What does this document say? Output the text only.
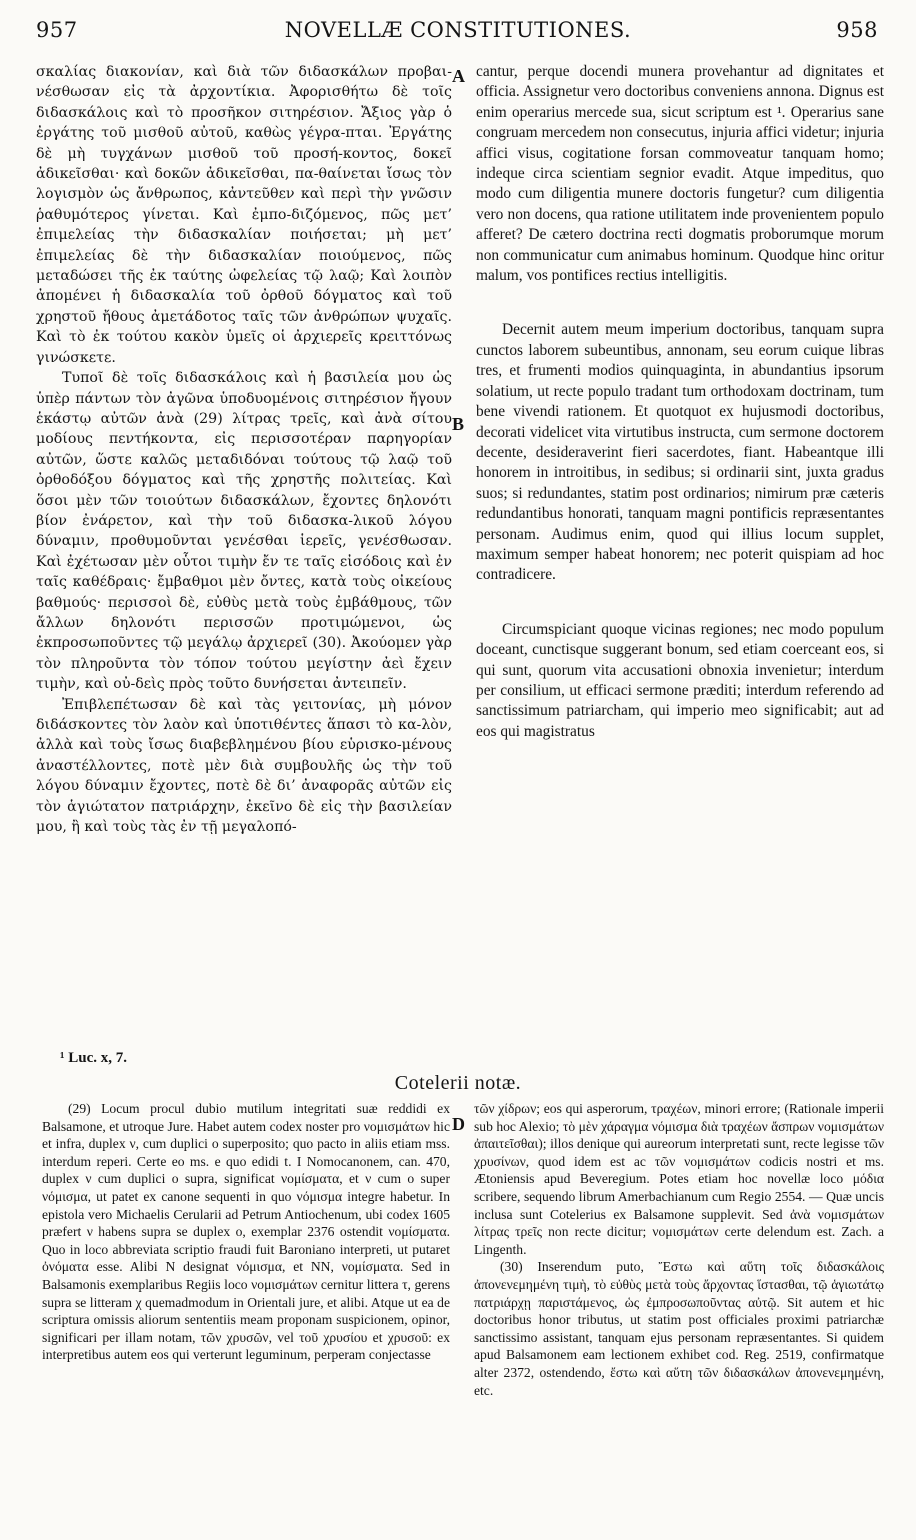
957	NOVELLÆ CONSTITUTIONES.	958

σκαλίας διακονίαν, καὶ διὰ τῶν διδασκάλων προβαι-νέσθωσαν εἰς τὰ ἀρχοντίκια. Ἀφορισθήτω δὲ τοῖς διδασκάλοις καὶ τὸ προσῆκον σιτηρέσιον. Ἄξιος γὰρ ὁ ἐργάτης τοῦ μισθοῦ αὐτοῦ, καθὼς γέγρα-πται. Ἐργάτης δὲ μὴ τυγχάνων μισθοῦ τοῦ προσή-κοντος, δοκεῖ ἀδικεῖσθαι· καὶ δοκῶν ἀδικεῖσθαι, πα-θαίνεται ἴσως τὸν λογισμὸν ὡς ἄνθρωπος, κἀντεῦθεν καὶ περὶ τὴν γνῶσιν ῥαθυμότερος γίνεται. Καὶ ἐμπο-διζόμενος, πῶς μετ’ ἐπιμελείας τὴν διδασκαλίαν ποιήσεται; μὴ μετ’ ἐπιμελείας δὲ τὴν διδασκαλίαν ποιούμενος, πῶς μεταδώσει τῆς ἐκ ταύτης ὠφελείας τῷ λαῷ; Καὶ λοιπὸν ἀπομένει ἡ διδασκαλία τοῦ ὀρθοῦ δόγματος καὶ τοῦ χρηστοῦ ἤθους ἀμετάδοτος ταῖς τῶν ἀνθρώπων ψυχαῖς. Καὶ τὸ ἐκ τούτου κακὸν ὑμεῖς οἱ ἀρχιερεῖς κρειττόνως γινώσκετε.

Τυποῖ δὲ τοῖς διδασκάλοις καὶ ἡ βασιλεία μου ὡς ὑπὲρ πάντων τὸν ἀγῶνα ὑποδυομένοις σιτηρέσιον ἤγουν ἑκάστῳ αὐτῶν ἀνὰ (29) λίτρας τρεῖς, καὶ ἀνὰ σίτου μοδίους πεντήκοντα, εἰς περισσοτέραν παρηγορίαν αὐτῶν, ὥστε καλῶς μεταδιδόναι τούτους τῷ λαῷ τοῦ ὀρθοδόξου δόγματος καὶ τῆς χρηστῆς πολιτείας. Καὶ ὅσοι μὲν τῶν τοιούτων διδασκάλων, ἔχοντες δηλονότι βίον ἐνάρετον, καὶ τὴν τοῦ διδασκα-λικοῦ λόγου δύναμιν, προθυμοῦνται γενέσθαι ἱερεῖς, γενέσθωσαν. Καὶ ἐχέτωσαν μὲν οὗτοι τιμὴν ἔν τε ταῖς εἰσόδοις καὶ ἐν ταῖς καθέδραις· ἔμβαθμοι μὲν ὄντες, κατὰ τοὺς οἰκείους βαθμούς· περισσοὶ δὲ, εὐθὺς μετὰ τοὺς ἐμβάθμους, τῶν ἄλλων δηλονότι περισσῶν προτιμώμενοι, ὡς ἐκπροσωποῦντες τῷ μεγάλῳ ἀρχιερεῖ (30). Ἀκούομεν γὰρ τὸν πληροῦντα τὸν τόπον τούτου μεγίστην ἀεὶ ἔχειν τιμὴν, καὶ οὐ-δεὶς πρὸς τοῦτο δυνήσεται ἀντειπεῖν.

Ἐπιβλεπέτωσαν δὲ καὶ τὰς γειτονίας, μὴ μόνον διδάσκοντες τὸν λαὸν καὶ ὑποτιθέντες ἅπασι τὸ κα-λὸν, ἀλλὰ καὶ τοὺς ἴσως διαβεβλημένου βίου εὑρισκο-μένους ἀναστέλλοντες, ποτὲ μὲν διὰ συμβουλῆς ὡς τὴν τοῦ λόγου δύναμιν ἔχοντες, ποτὲ δὲ δι’ ἀναφορᾶς αὐτῶν εἰς τὸν ἁγιώτατον πατριάρχην, ἐκεῖνο δὲ εἰς τὴν βασιλείαν μου, ἢ καὶ τοὺς τὰς ἐν τῇ μεγαλοπό-

A
B
D

cantur, perque docendi munera provehantur ad dignitates et officia. Assignetur vero doctoribus conveniens annona. Dignus est enim operarius mercede sua, sicut scriptum est ¹. Operarius sane congruam mercedem non consecutus, injuria affici videtur; injuria affici visus, cogitatione forsan commoveatur tanquam homo; indeque circa scientiam segnior evadit. Atque impeditus, quo modo cum diligentia munere doctoris fungetur? cum diligentia vero non docens, qua ratione utilitatem inde provenientem populo afferet? De cætero doctrina recti dogmatis proborumque morum non communicatur cum animabus hominum. Quodque hinc oritur malum, vos pontifices rectius intelligitis.

Decernit autem meum imperium doctoribus, tanquam supra cunctos laborem subeuntibus, annonam, seu eorum cuique libras tres, et frumenti modios quinquaginta, in abundantius ipsorum solatium, ut recte populo tradant tum orthodoxam doctrinam, tum bene vivendi rationem. Et quotquot ex hujusmodi doctoribus, decorati videlicet vita virtutibus instructa, cum sermone doctorem decente, desideraverint fieri sacerdotes, fiant. Habeantque illi honorem in introitibus, in sedibus; si ordinarii sint, juxta gradus suos; si redundantes, statim post ordinarios; nimirum præ cæteris redundantibus honorati, tanquam magni pontificis repræsentantes personam. Audimus enim, quod qui illius locum supplet, maximum semper habeat honorem; nec poterit quispiam ad hoc contradicere.

Circumspiciant quoque vicinas regiones; nec modo populum doceant, cunctisque suggerant bonum, sed etiam coerceant eos, si qui sunt, quorum vita accusationi obnoxia invenietur; interdum per consilium, ut efficaci sermone præditi; interdum referendo ad sanctissimum patriarcham, qui imperio meo significabit; aut ad eos qui magistratus

¹ Luc. x, 7.
Cotelerii notæ.

(29) Locum procul dubio mutilum integritati suæ reddidi ex Balsamone, et utroque Jure. Habet autem codex noster pro νομισμάτων hic et infra, duplex ν, cum duplici ο superposito; quo pacto in aliis etiam mss. interdum reperi. Certe eo ms. e quo edidi t. I Nomocanonem, can. 470, duplex ν cum duplici ο supra, significat νομίσματα, et ν cum ο super νόμισμα, ut patet ex canone sequenti in quo νόμισμα integre habetur. In epistola vero Michaelis Cerularii ad Petrum Antiochenum, ubi codex 1605 præfert ν habens supra se duplex ο, exemplar 2376 ostendit νομίσματα. Quo in loco abbreviata scriptio fraudi fuit Baroniano interpreti, ut putaret ὀνόματα esse. Alibi N designat νόμισμα, et NN, νομίσματα. Sed in Balsamonis exemplaribus Regiis loco νομισμάτων cernitur littera τ, gerens supra se litteram χ quemadmodum in Orientali jure, et alibi. Atque ut ea de scriptura omissis aliorum sententiis meam proponam suspicionem, opinor, significari per illam notam, τῶν χρυσῶν, vel τοῦ χρυσίου et χρυσοῦ: ex interpretibus autem eos qui verterunt leguminum, perperam conjectasse

τῶν χίδρων; eos qui asperorum, τραχέων, minori errore; (Rationale imperii sub hoc Alexio; τὸ μὲν χάραγμα νόμισμα διὰ τραχέων ἄσπρων νομισμάτων ἀπαιτεῖσθαι); illos denique qui aureorum interpretati sunt, recte legisse τῶν χρυσίνων, quod idem est ac τῶν νομισμάτων codicis nostri et ms. Ætoniensis apud Beveregium. Potes etiam hoc novellæ loco μόδια scribere, sequendo librum Amerbachianum cum Regio 2554. — Quæ uncis inclusa sunt Cotelerius ex Balsamone supplevit. Sed ἀνὰ νομισμάτων λίτρας τρεῖς non recte dicitur; νομισμάτων certe delendum est. Zach. a Lingenth.

(30) Inserendum puto, Ἔστω καὶ αὕτη τοῖς διδασκάλοις ἀπονενεμημένη τιμὴ, τὸ εὐθὺς μετὰ τοὺς ἄρχοντας ἵστασθαι, τῷ ἁγιωτάτῳ πατριάρχῃ παριστάμενος, ὡς ἐμπροσωποῦντας αὐτῷ. Sit autem et hic doctoribus honor tributus, ut statim post officiales proximi patriarchæ sanctissimo assistant, tanquam ejus personam repræsentantes. Si quidem apud Balsamonem eam lectionem exhibet cod. Reg. 2519, confirmatque alter 2372, ostendendo, ἔστω καὶ αὕτη τῶν διδασκάλων ἀπονενεμημένη, etc.
